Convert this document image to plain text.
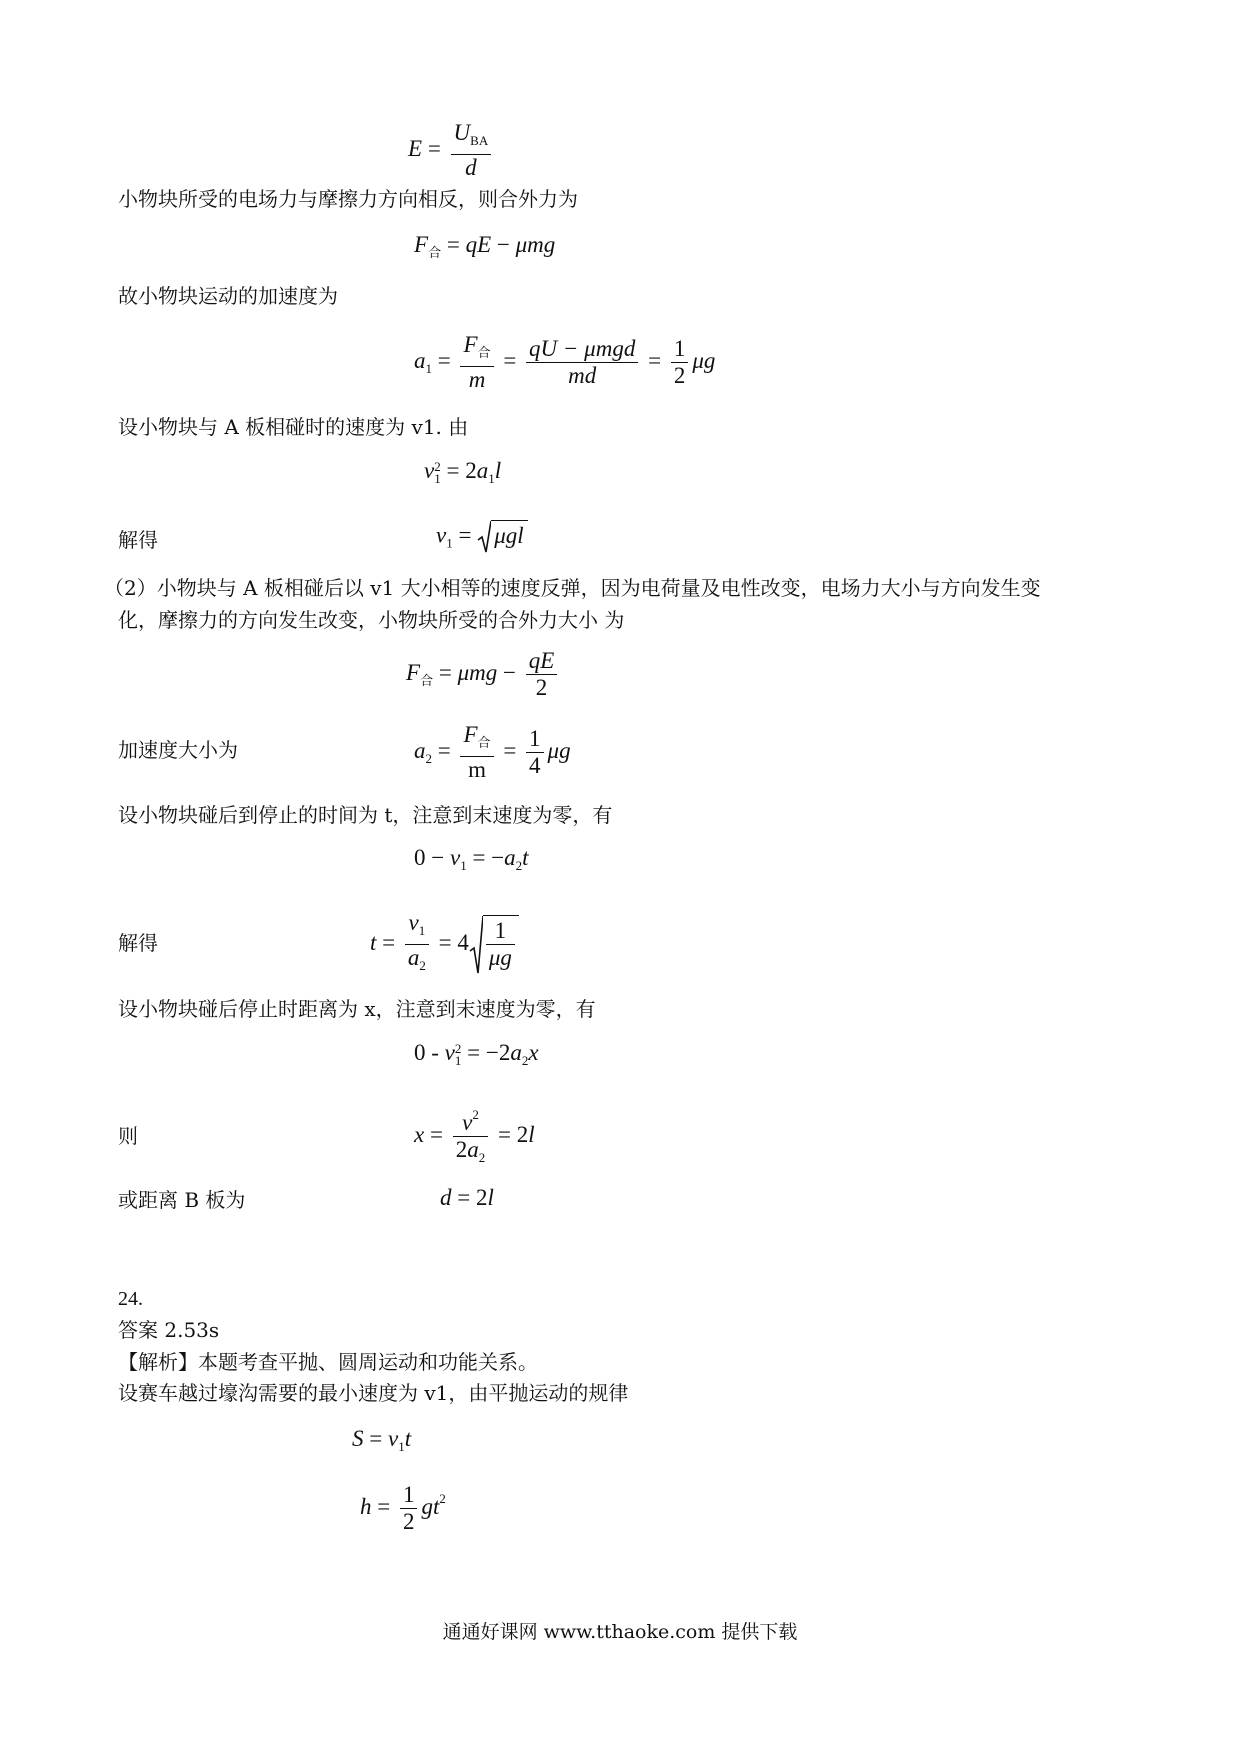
$E = \frac{U_{BA}}{d}$
小物块所受的电场力与摩擦力方向相反，则合外力为
$F_合$ = qE − μmg
故小物块运动的加速度为
$a_1 = \frac{F_合}{m} = \frac{\text{qU − μmgd}}{md} = \frac{1}{2}$ μg
设小物块与 A 板相碰时的速度为 v1. 由
v 2
$1 = 2a_1l$
解得	$v_1 = \mu gl$
（2）小物块与 A 板相碰后以 v1 大小相等的速度反弹，因为电荷量及电性改变，电场力大小与方向发生变
化，摩擦力的方向发生改变，小物块所受的合外力大小 为
$F_合 = \mu mg - \frac{qE}{2}$
加速度大小为	$a_2 = \frac{F_合}{m} = \frac{1}{4}$ μg
设小物块碰后到停止的时间为 t，注意到末速度为零，有
$0 - v_1 = -a_2t$
解得	$t = \frac{v_1}{a_2} = 4 \frac{1}{\mu g}$
设小物块碰后停止时距离为 x，注意到末速度为零，有
0 - v 2
$1 = -2a_2x$
则	$x = \frac{v^2}{2a_2} = 2l$
或距离 B 板为	d = 2l
24.
答案 2.53s
【解析】本题考查平抛、圆周运动和功能关系。
设赛车越过壕沟需要的最小速度为 v1，由平抛运动的规律
$S = v_1t$
$h = \frac{1}{2} gt^2$
通通好课网 www.tthaoke.com 提供下载
